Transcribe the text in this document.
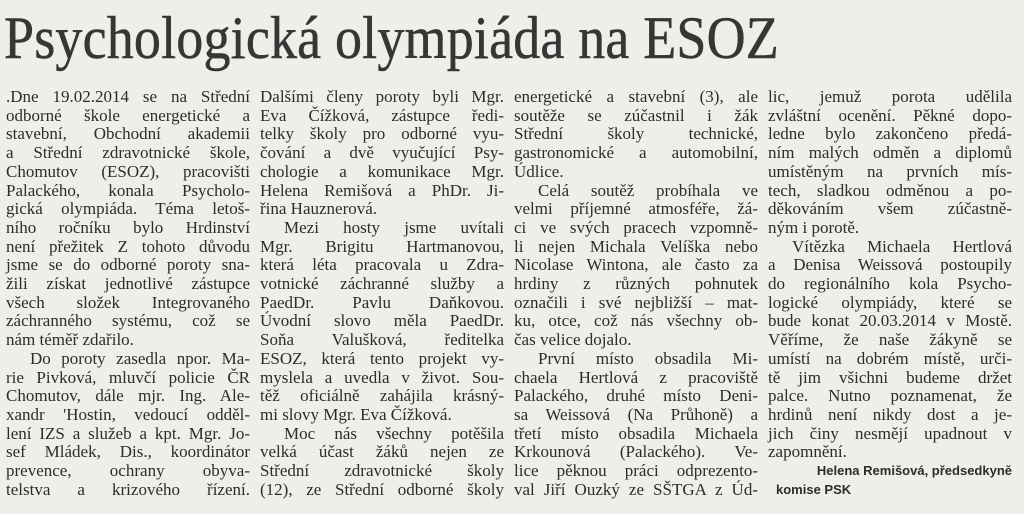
Psychologická olympiáda na ESOZ
.Dne 19.02.2014 se na Střední
odborné škole energetické a
stavební, Obchodní akademii
a Střední zdravotnické škole,
Chomutov (ESOZ), pracovišti
Palackého, konala Psycholo-
gická olympiáda. Téma letoš-
ního ročníku bylo Hrdinství
není přežitek Z tohoto důvodu
jsme se do odborné poroty sna-
žili získat jednotlivé zástupce
všech složek Integrovaného
záchranného systému, což se
nám téměř zdařilo.
Do poroty zasedla npor. Ma-
rie Pivková, mluvčí policie ČR
Chomutov, dále mjr. Ing. Ale-
xandr 'Hostin, vedoucí odděl-
lení IZS a služeb a kpt. Mgr. Jo-
sef Mládek, Dis., koordinátor
prevence, ochrany obyva-
telstva a krizového řízení.
Dalšími členy poroty byli Mgr.
Eva Čížková, zástupce ředi-
telky školy pro odborné vyu-
čování a dvě vyučující Psy-
chologie a komunikace Mgr.
Helena Remišová a PhDr. Ji-
řina Hauznerová.
Mezi hosty jsme uvítali
Mgr. Brigitu Hartmanovou,
která léta pracovala u Zdra-
votnické záchranné služby a
PaedDr. Pavlu Daňkovou.
Úvodní slovo měla PaedDr.
Soňa Valušková, ředitelka
ESOZ, která tento projekt vy-
myslela a uvedla v život. Sou-
těž oficiálně zahájila krásný-
mi slovy Mgr. Eva Čížková.
Moc nás všechny potěšila
velká účast žáků nejen ze
Střední zdravotnické školy
(12), ze Střední odborné školy
energetické a stavební (3), ale
soutěže se zúčastnil i žák
Střední školy technické,
gastronomické a automobilní,
Údlice.
Celá soutěž probíhala ve
velmi příjemné atmosféře, žá-
ci ve svých pracech vzpomně-
li nejen Michala Velíška nebo
Nicolase Wintona, ale často za
hrdiny z různých pohnutek
označili i své nejbližší – mat-
ku, otce, což nás všechny ob-
čas velice dojalo.
První místo obsadila Mi-
chaela Hertlová z pracoviště
Palackého, druhé místo Deni-
sa Weissová (Na Průhoně) a
třetí místo obsadila Michaela
Krkounová (Palackého). Ve-
lice pěknou práci odprezento-
val Jiří Ouzký ze SŠTGA z Úd-
lic, jemuž porota udělila
zvláštní ocenění. Pěkné dopo-
ledne bylo zakončeno předá-
ním malých odměn a diplomů
umístěným na prvních mís-
tech, sladkou odměnou a po-
děkováním všem zúčastně-
ným i porotě.
Vítězka Michaela Hertlová
a Denisa Weissová postoupily
do regionálního kola Psycho-
logické olympiády, které se
bude konat 20.03.2014 v Mostě.
Věříme, že naše žákyně se
umístí na dobrém místě, urči-
tě jim všichni budeme držet
palce. Nutno poznamenat, že
hrdinů není nikdy dost a je-
jich činy nesmějí upadnout v
zapomnění.
Helena Remišová, předsedkyně
komise PSK
